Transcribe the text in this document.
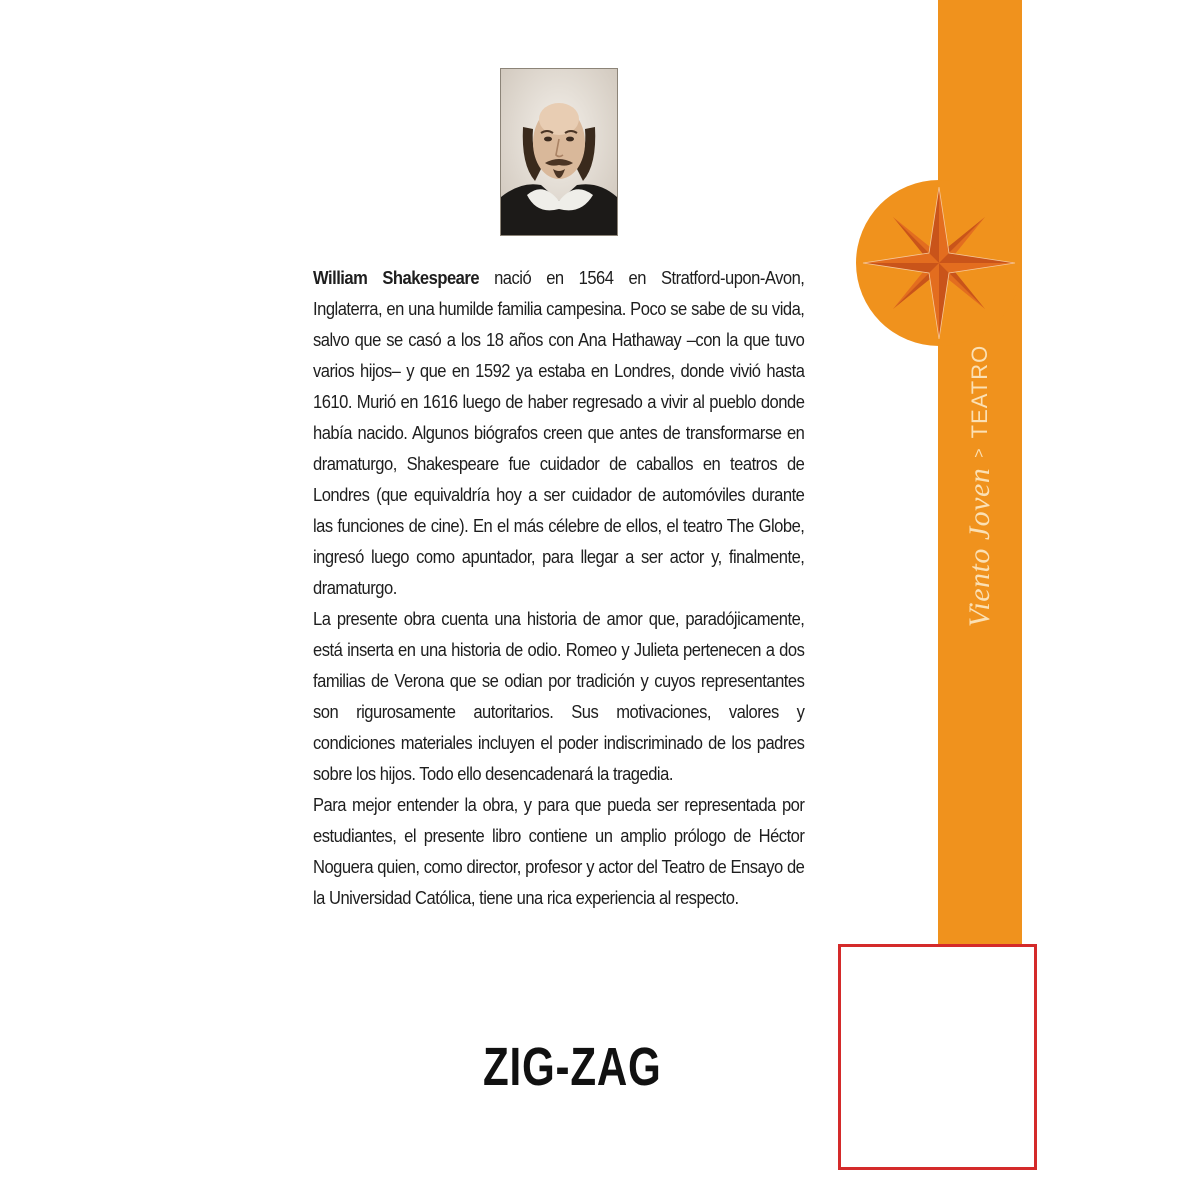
William Shakespeare nació en 1564 en Stratford-upon-Avon, Inglaterra, en una humilde familia campesina. Poco se sabe de su vida, salvo que se casó a los 18 años con Ana Hathaway –con la que tuvo varios hijos– y que en 1592 ya estaba en Londres, donde vivió hasta 1610. Murió en 1616 luego de haber regresado a vivir al pueblo donde había nacido. Algunos biógrafos creen que antes de transformarse en dramaturgo, Shakespeare fue cuidador de caballos en teatros de Londres (que equivaldría hoy a ser cuidador de automóviles durante las funciones de cine). En el más célebre de ellos, el teatro The Globe, ingresó luego como apuntador, para llegar a ser actor y, finalmente, dramaturgo.

La presente obra cuenta una historia de amor que, paradójicamente, está inserta en una historia de odio. Romeo y Julieta pertenecen a dos familias de Verona que se odian por tradición y cuyos representantes son rigurosamente autoritarios. Sus motivaciones, valores y condiciones materiales incluyen el poder indiscriminado de los padres sobre los hijos. Todo ello desencadenará la tragedia.

Para mejor entender la obra, y para que pueda ser representada por estudiantes, el presente libro contiene un amplio prólogo de Héctor Noguera quien, como director, profesor y actor del Teatro de Ensayo de la Universidad Católica, tiene una rica experiencia al respecto.

ZIG-ZAG
Viento Joven
>
TEATRO
